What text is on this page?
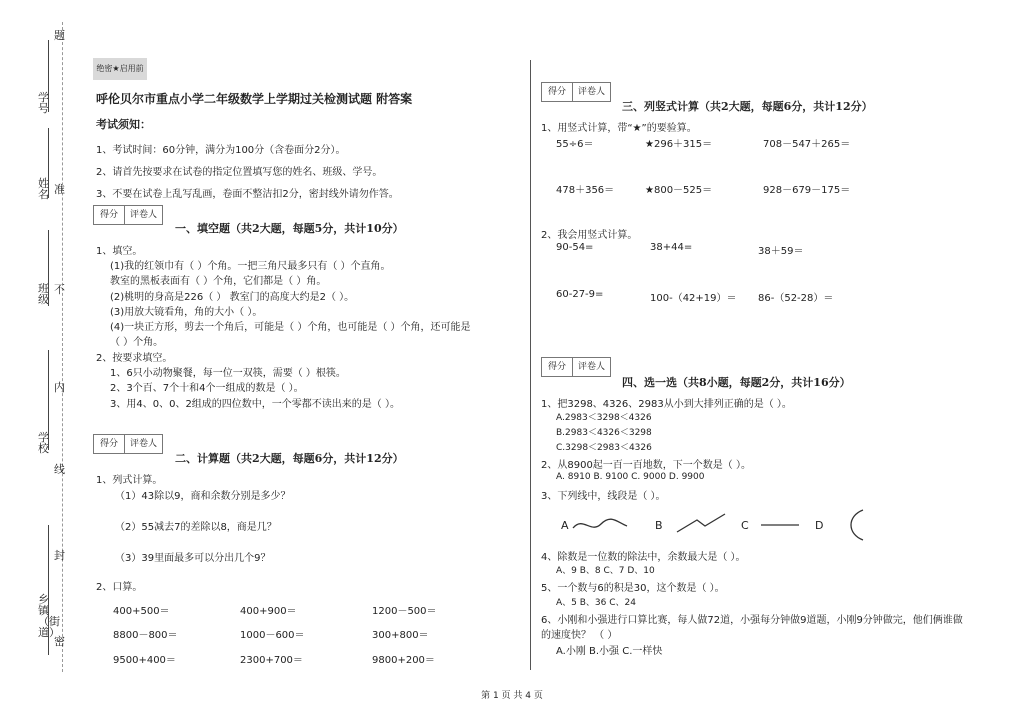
题
学号
准
姓名
不
班级
内
学校
线
封
乡镇（街道）
密
绝密★启用前
呼伦贝尔市重点小学二年级数学上学期过关检测试题 附答案
考试须知：
1、考试时间：60分钟，满分为100分（含卷面分2分）。
2、请首先按要求在试卷的指定位置填写您的姓名、班级、学号。
3、不要在试卷上乱写乱画，卷面不整洁扣2分，密封线外请勿作答。
得分	评卷人
一、填空题（共2大题，每题5分，共计10分）
1、填空。
(1)我的红领巾有（ ）个角。一把三角尺最多只有（ ）个直角。
教室的黑板表面有（ ）个角，它们都是（ ）角。
(2)桃明的身高是226（ ） 教室门的高度大约是2（ ）。
(3)用放大镜看角，角的大小（ ）。
(4)一块正方形，剪去一个角后，可能是（ ）个角，也可能是（ ）个角，还可能是
（ ）个角。
2、按要求填空。
1、6只小动物聚餐，每一位一双筷，需要（ ）根筷。
2、3个百、7个十和4个一组成的数是（ ）。
3、用4、0、0、2组成的四位数中，一个零都不读出来的是（ ）。
得分	评卷人
二、计算题（共2大题，每题6分，共计12分）
1、列式计算。
（1）43除以9，商和余数分别是多少？
（2）55减去7的差除以8，商是几？
（3）39里面最多可以分出几个9？
2、口算。
400+500＝	400+900＝	1200－500＝
8800－800＝	1000－600＝	300+800＝
9500+400＝	2300+700＝	9800+200＝
得分	评卷人
三、列竖式计算（共2大题，每题6分，共计12分）
1、用竖式计算，带“★”的要验算。
55÷6＝	★296＋315＝	708－547＋265＝
478＋356＝	★800－525＝	928－679－175＝
2、我会用竖式计算。
90-54=	38+44=	38＋59＝
60-27-9=	100-（42+19）＝ 86-（52-28）＝
得分	评卷人
四、选一选（共8小题，每题2分，共计16分）
1、把3298、4326、2983从小到大排列正确的是（ ）。
A.2983＜3298＜4326
B.2983＜4326＜3298
C.3298＜2983＜4326
2、从8900起一百一百地数，下一个数是（ ）。
A. 8910 B. 9100 C. 9000 D. 9900
3、下列线中，线段是（ ）。
A	B	C	D
4、除数是一位数的除法中，余数最大是（ ）。
A、9 B、8 C、7 D、10
5、一个数与6的积是30，这个数是（ ）。
A、5 B、36 C、24
6、小刚和小强进行口算比赛，每人做72道，小强每分钟做9道题，小刚9分钟做完，他们俩谁做
的速度快？ （ ）
A.小刚 B.小强 C.一样快
第 1 页 共 4 页
